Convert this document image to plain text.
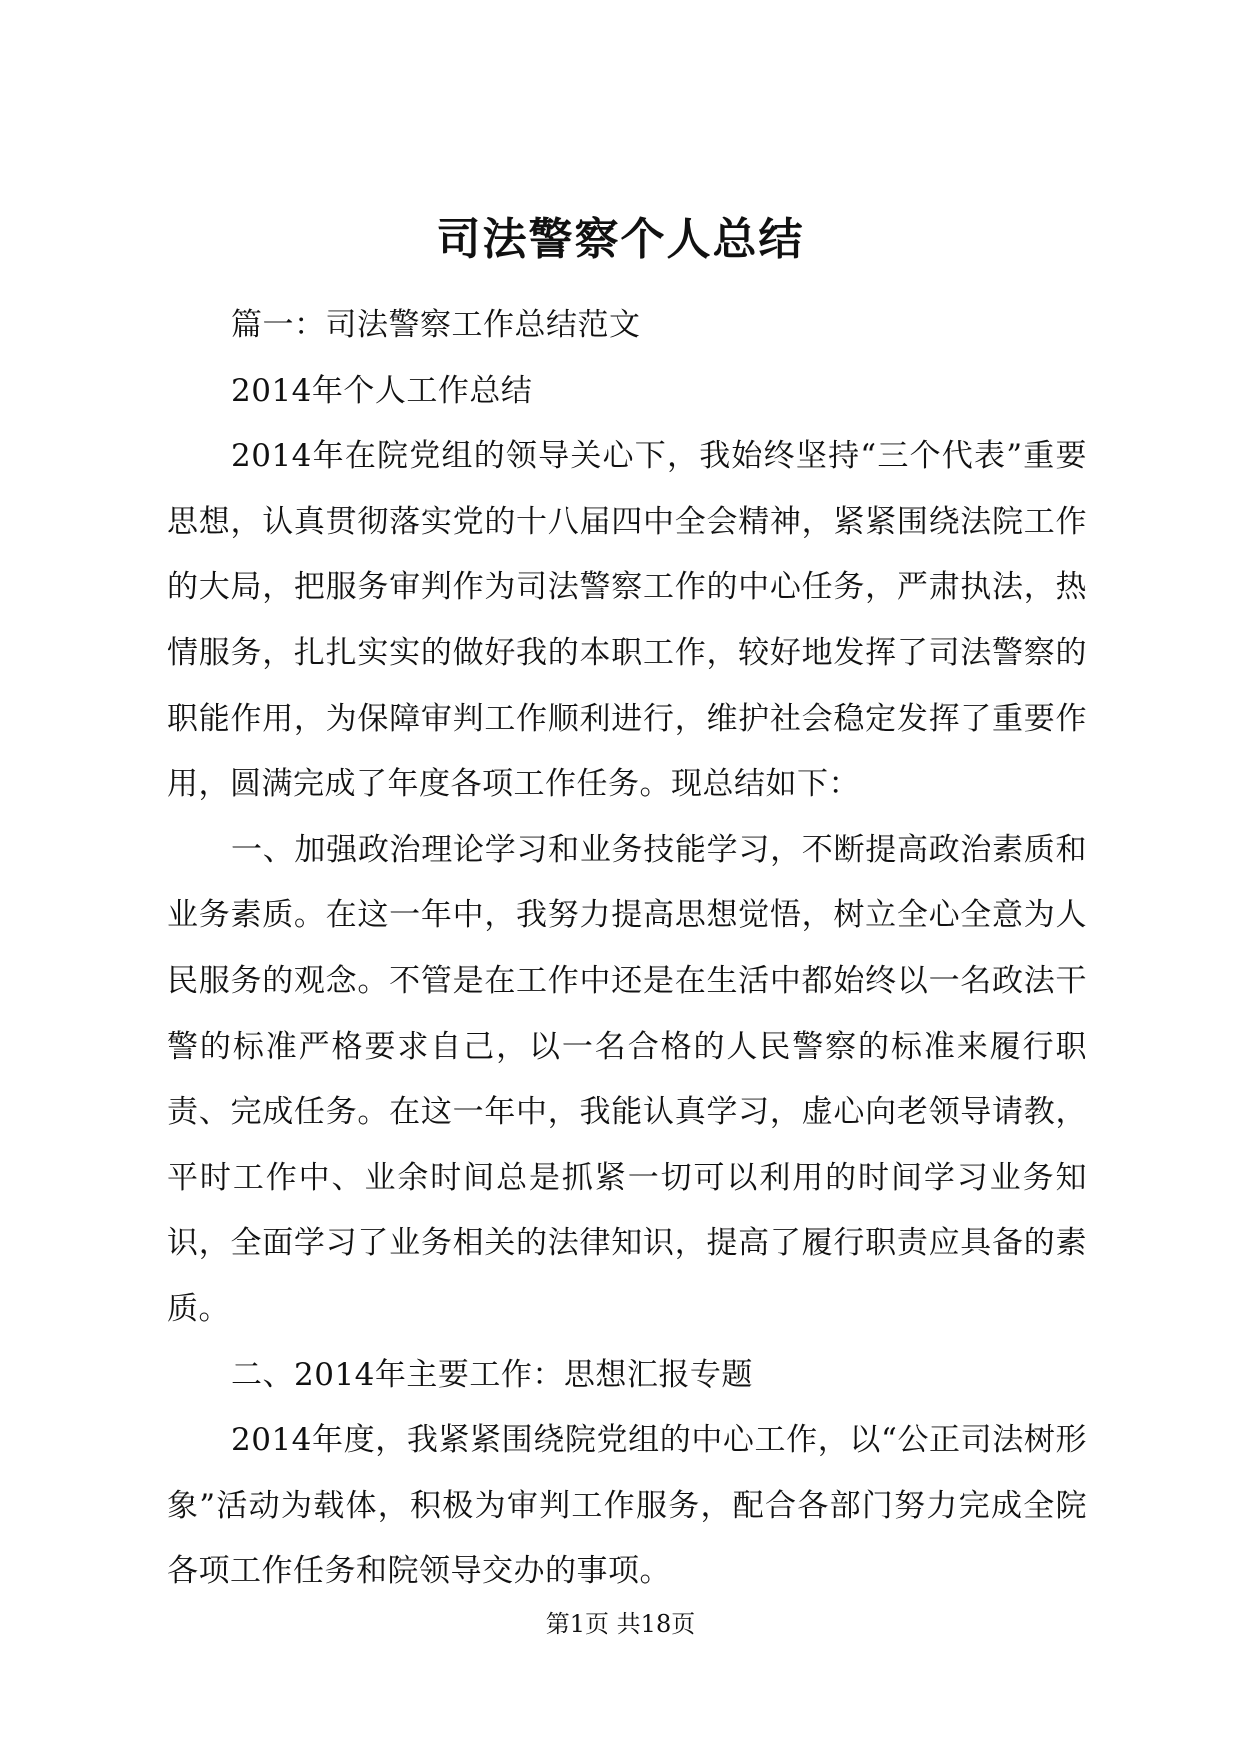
司法警察个人总结

篇一：司法警察工作总结范文

2014年个人工作总结

2014年在院党组的领导关心下，我始终坚持“三个代表”重要思想，认真贯彻落实党的十八届四中全会精神，紧紧围绕法院工作的大局，把服务审判作为司法警察工作的中心任务，严肃执法，热情服务，扎扎实实的做好我的本职工作，较好地发挥了司法警察的职能作用，为保障审判工作顺利进行，维护社会稳定发挥了重要作用，圆满完成了年度各项工作任务。现总结如下：

一、加强政治理论学习和业务技能学习，不断提高政治素质和业务素质。在这一年中，我努力提高思想觉悟，树立全心全意为人民服务的观念。不管是在工作中还是在生活中都始终以一名政法干警的标准严格要求自己，以一名合格的人民警察的标准来履行职责、完成任务。在这一年中，我能认真学习，虚心向老领导请教，平时工作中、业余时间总是抓紧一切可以利用的时间学习业务知识，全面学习了业务相关的法律知识，提高了履行职责应具备的素质。

二、2014年主要工作：思想汇报专题

2014年度，我紧紧围绕院党组的中心工作，以“公正司法树形象”活动为载体，积极为审判工作服务，配合各部门努力完成全院各项工作任务和院领导交办的事项。

第1页 共18页
